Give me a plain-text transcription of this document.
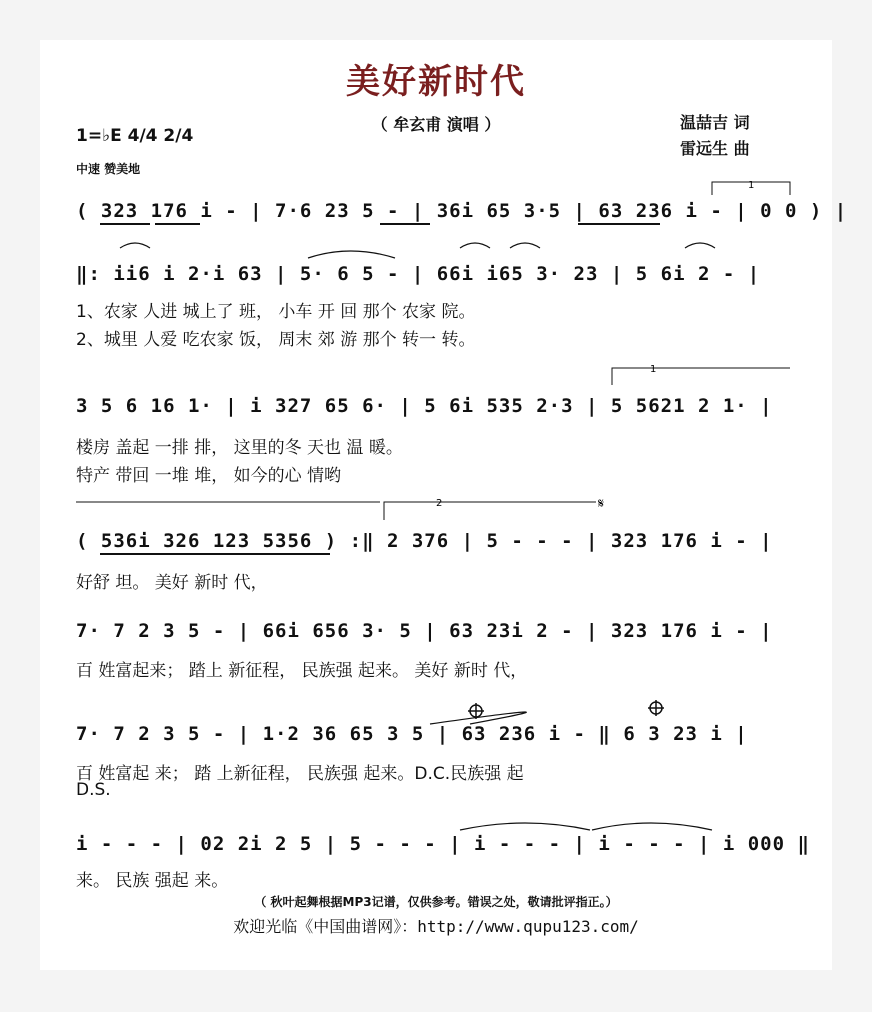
美好新时代
（ 牟玄甫 演唱 ）	温喆吉 词
雷远生 曲
1=♭E 4/4 2/4
中速 赞美地
( 323 176 i - | 7·6 23 5 - | 36i 65 3·5 | 63 236 i - | 0 0 ) |
‖: ii6 i 2·i 63 | 5· 6 5 - | 66i i65 3· 23 | 5 6i 2 - |
1、农家 人进 城上了 班， 小车 开 回 那个 农家 院。
2、城里 人爱 吃农家 饭， 周末 郊 游 那个 转一 转。
3 5 6 16 1· | i 327 65 6· | 5 6i 535 2·3 | 5 5621 2 1· |
楼房 盖起 一排 排， 这里的冬 天也 温 暖。
特产 带回 一堆 堆， 如今的心 情哟
( 536i 326 123 5356 ) :‖ 2 376 | 5 - - - | 323 176 i - |
好舒 坦。 美好 新时 代，
7· 7 2 3 5 - | 66i 656 3· 5 | 63 23i 2 - | 323 176 i - |
百 姓富起来； 踏上 新征程， 民族强 起来。 美好 新时 代，
7· 7 2 3 5 - | 1·2 36 65 3 5 | 63 236 i - ‖ 6 3 23 i |
百 姓富起 来； 踏 上新征程， 民族强 起来。D.C.民族强 起
D.S.
i - - - | 02 2i 2 5 | 5 - - - | i - - - | i - - - | i 000 ‖
来。 民族 强起 来。
（ 秋叶起舞根据MP3记谱，仅供参考。错误之处，敬请批评指正。）
欢迎光临《中国曲谱网》：http://www.qupu123.com/
1
1
2	𝄋
